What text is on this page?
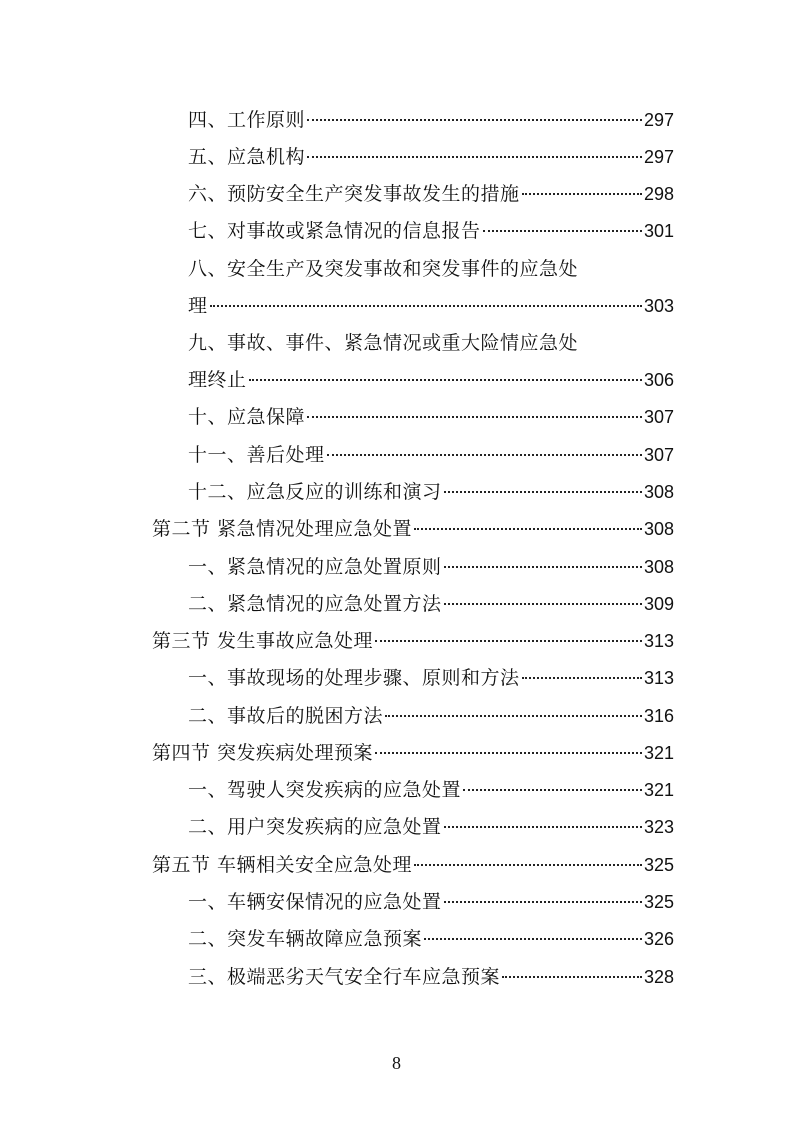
四、工作原则	297
五、应急机构	297
六、预防安全生产突发事故发生的措施	298
七、对事故或紧急情况的信息报告	301
八、安全生产及突发事故和突发事件的应急处
理	303
九、事故、事件、紧急情况或重大险情应急处
理终止	306
十、应急保障	307
十一、善后处理	307
十二、应急反应的训练和演习	308
第二节 紧急情况处理应急处置	308
一、紧急情况的应急处置原则	308
二、紧急情况的应急处置方法	309
第三节 发生事故应急处理	313
一、事故现场的处理步骤、原则和方法	313
二、事故后的脱困方法	316
第四节 突发疾病处理预案	321
一、驾驶人突发疾病的应急处置	321
二、用户突发疾病的应急处置	323
第五节 车辆相关安全应急处理	325
一、车辆安保情况的应急处置	325
二、突发车辆故障应急预案	326
三、极端恶劣天气安全行车应急预案	328
8
